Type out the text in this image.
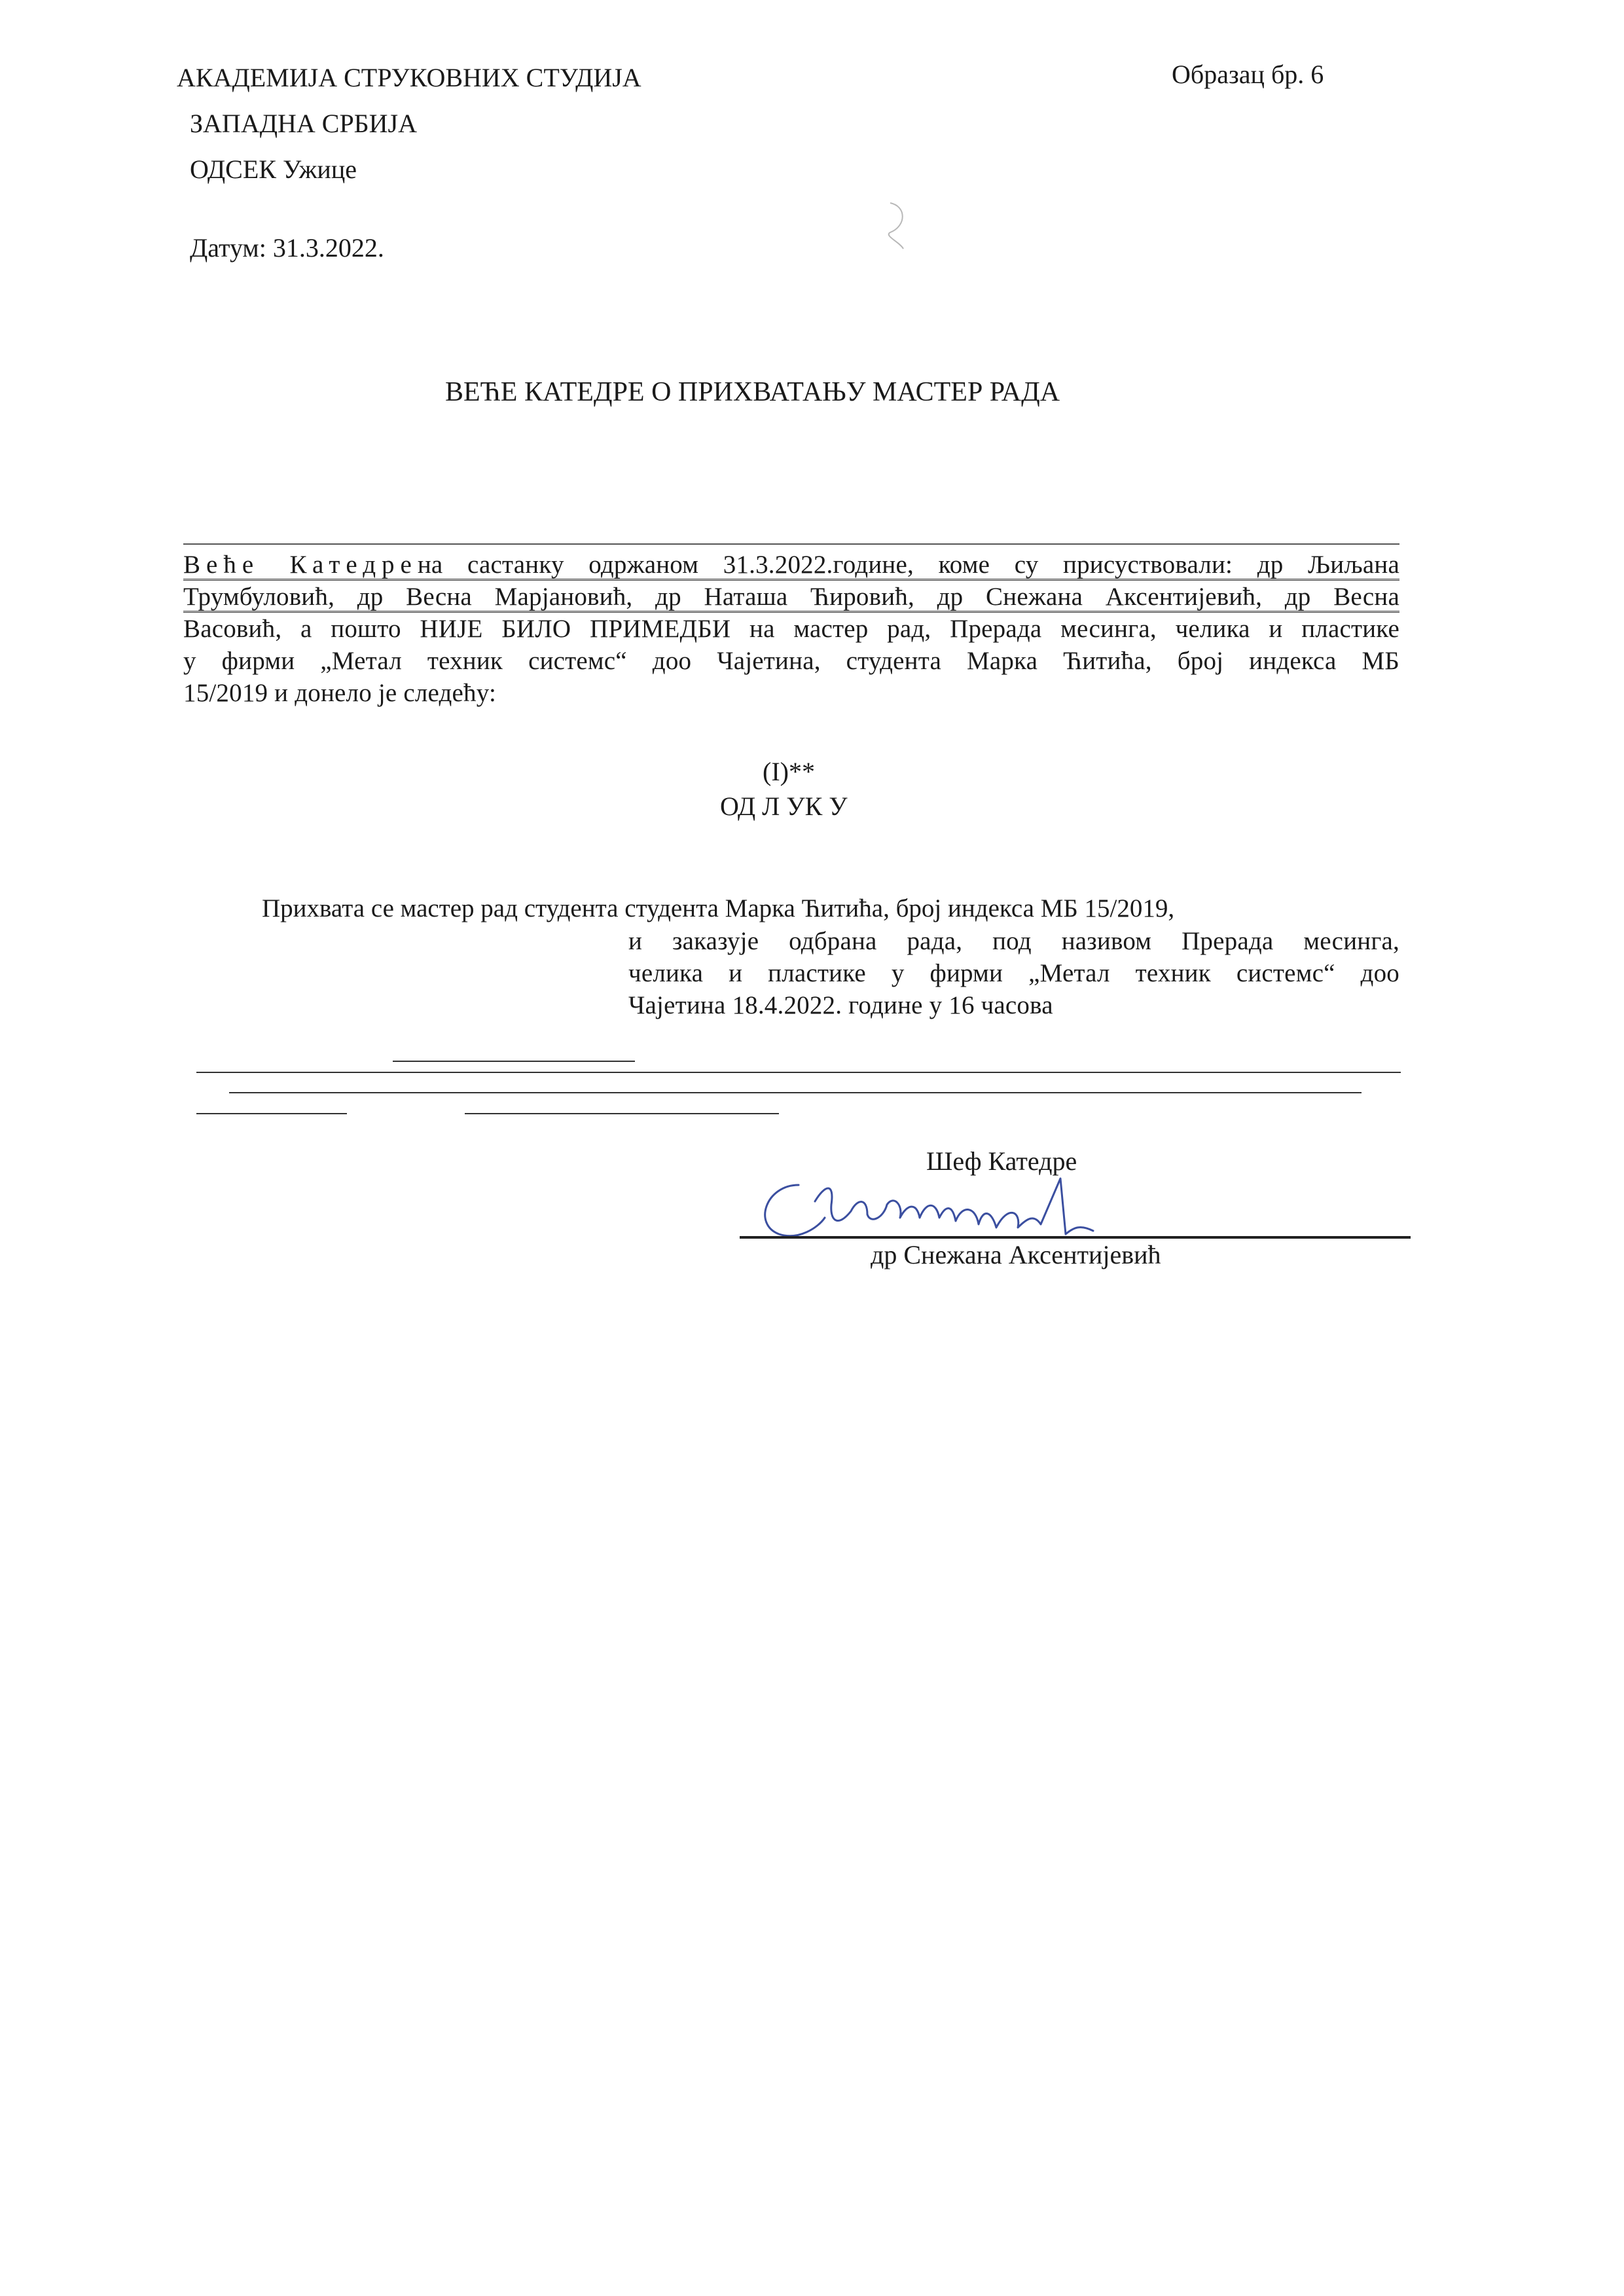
АКАДЕМИЈА СТРУКОВНИХ СТУДИЈА
ЗАПАДНА СРБИЈА
ОДСЕК Ужице
Образац бр. 6
Датум: 31.3.2022.
ВЕЋЕ КАТЕДРЕ О ПРИХВАТАЊУ МАСТЕР РАДА
Веће Катедрена састанку одржаном 31.3.2022.године, коме су присуствовали: др Љиљана
Трумбуловић, др Весна Марјановић, др Наташа Ћировић, др Снежана Аксентијевић, др Весна
Васовић, а пошто НИЈЕ БИЛО ПРИМЕДБИ на мастер рад, Прерада месинга, челика и пластике
у фирми „Метал техник системс“ доо Чајетина, студента Марка Ћитића, број индекса МБ
15/2019 и донело је следећу:
(I)**
ОД Л УК У
Прихвата се мастер рад студента студента Марка Ћитића, број индекса МБ 15/2019,
и заказује одбрана рада, под називом Прерада месинга,
челика и пластике у фирми „Метал техник системс“ доо
Чајетина 18.4.2022. године у 16 часова
Шеф Катедре
др Снежана Аксентијевић
